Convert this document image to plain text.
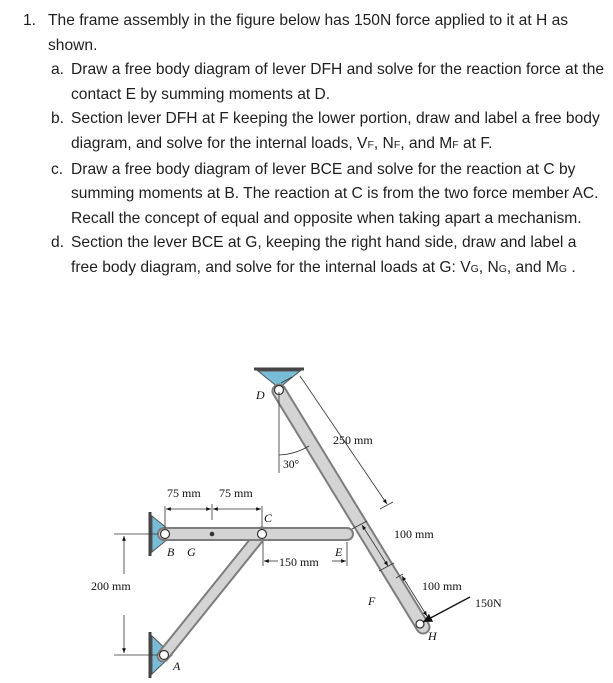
1. The frame assembly in the figure below has 150N force applied to it at H as shown.
a. Draw a free body diagram of lever DFH and solve for the reaction force at the contact E by summing moments at D.
b. Section lever DFH at F keeping the lower portion, draw and label a free body diagram, and solve for the internal loads, VF, NF, and MF at F.
c. Draw a free body diagram of lever BCE and solve for the reaction at C by summing moments at B. The reaction at C is from the two force member AC. Recall the concept of equal and opposite when taking apart a mechanism.
d. Section the lever BCE at G, keeping the right hand side, draw and label a free body diagram, and solve for the internal loads at G: VG, NG, and MG .
D
C
B G	E
F
H
A
30°
250 mm
75 mm 75 mm
150 mm
100 mm
100 mm
200 mm
150N
